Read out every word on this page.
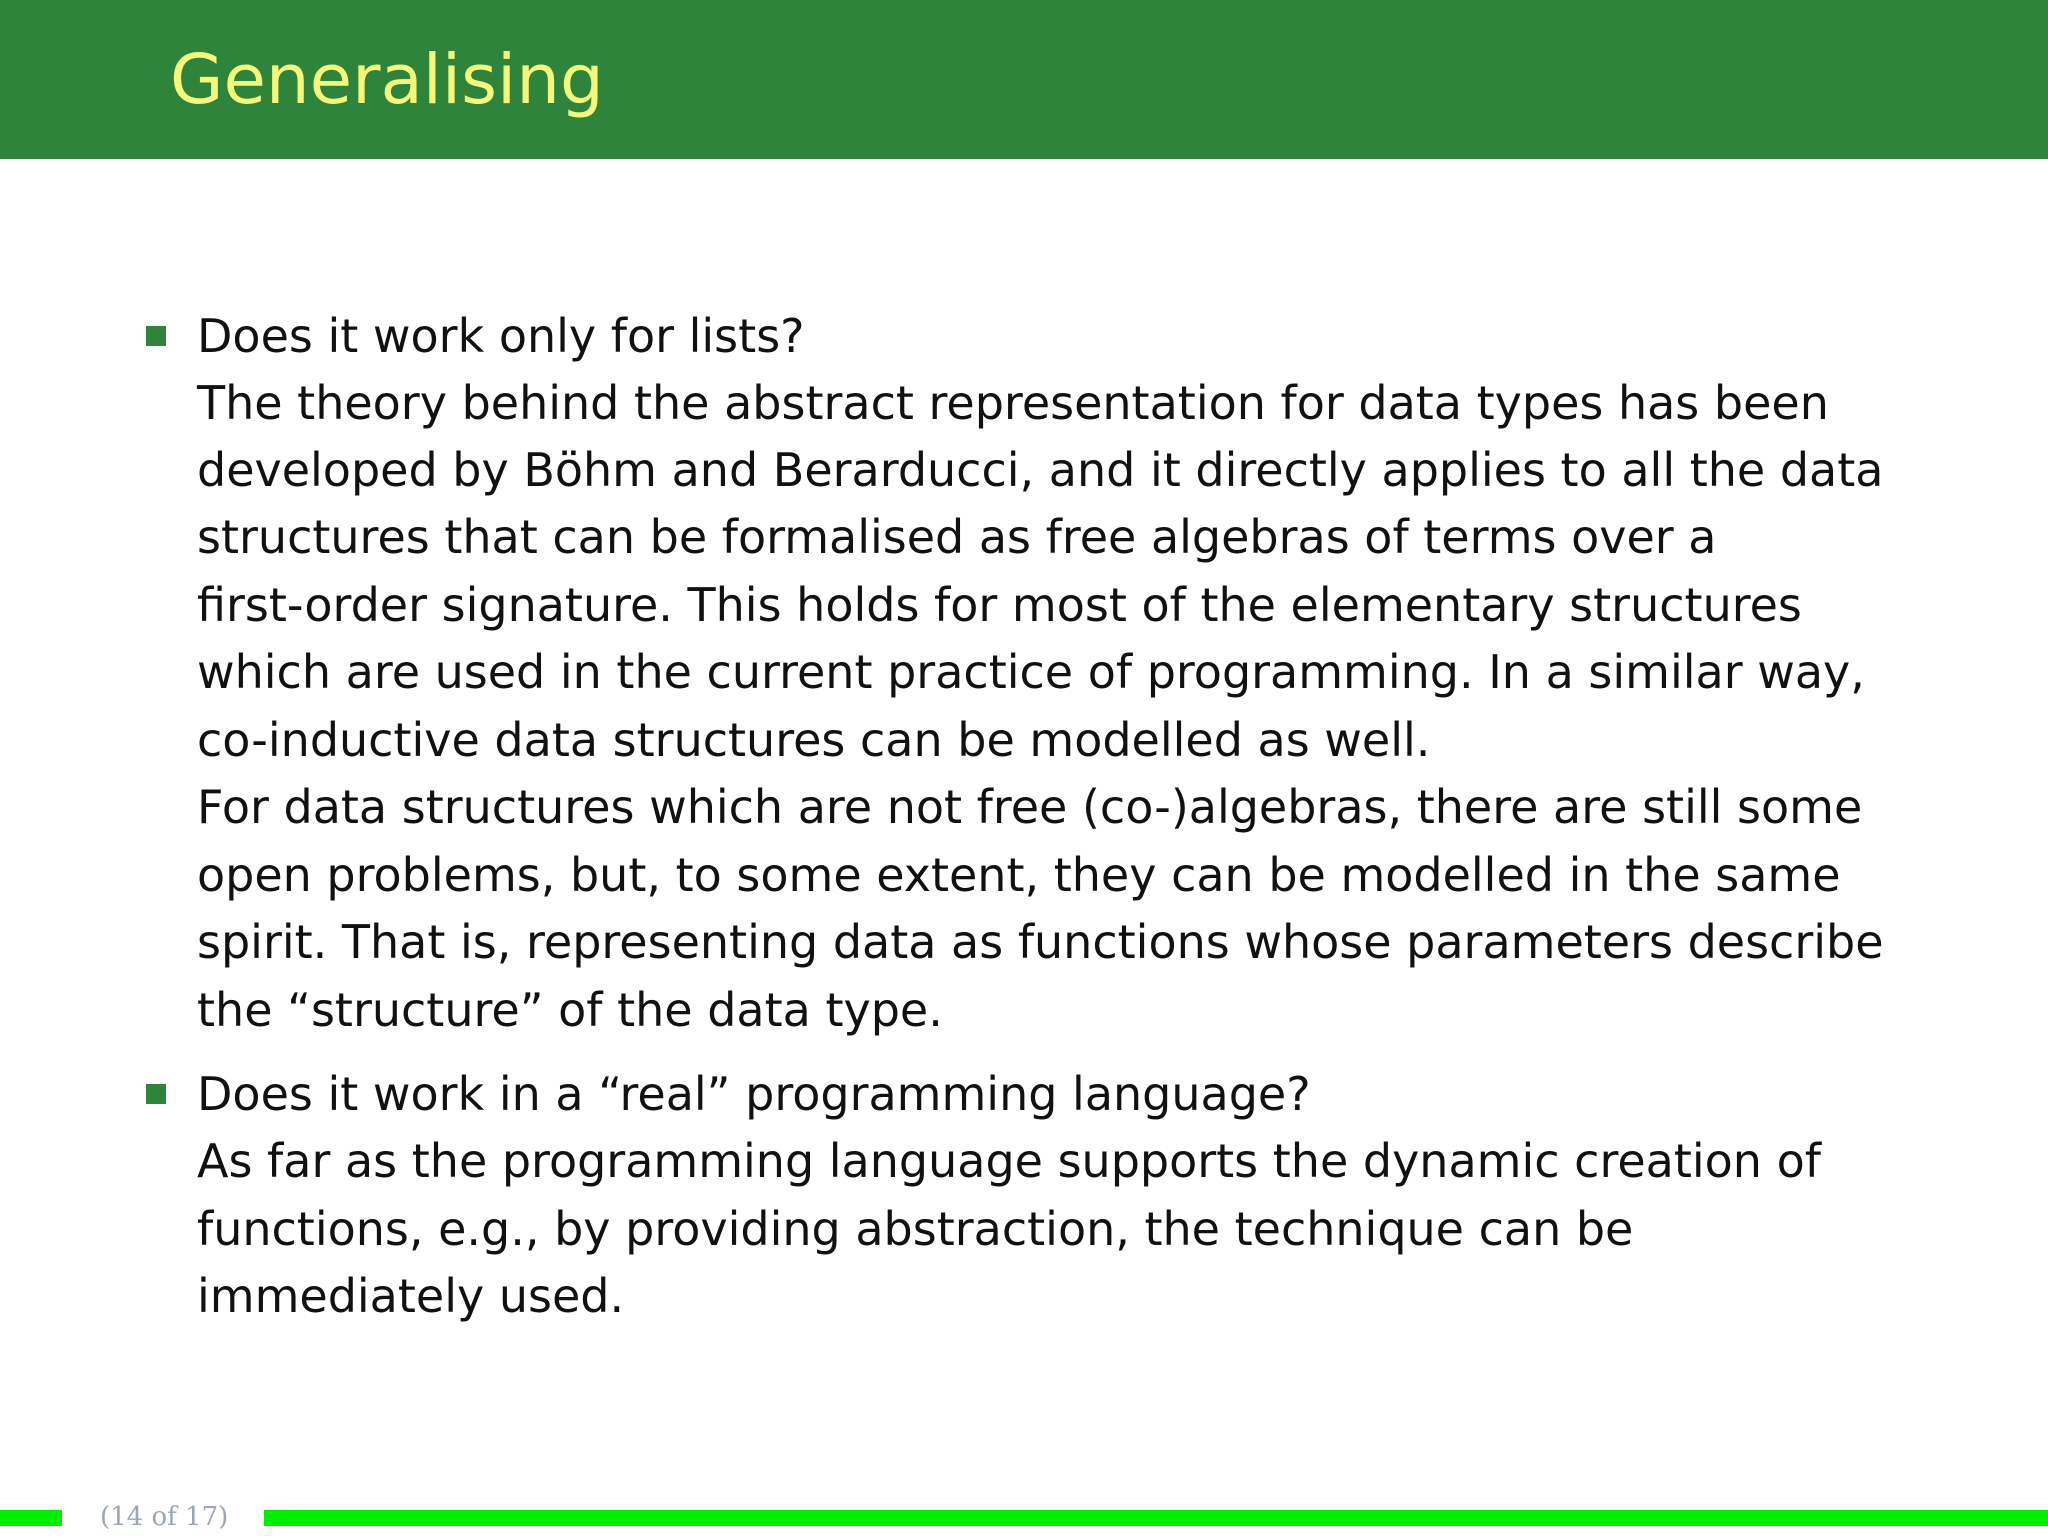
Generalising

Does it work only for lists?

The theory behind the abstract representation for data types has been

developed by Böhm and Berarducci, and it directly applies to all the data

structures that can be formalised as free algebras of terms over a

first-order signature. This holds for most of the elementary structures

which are used in the current practice of programming. In a similar way,

co-inductive data structures can be modelled as well.

For data structures which are not free (co-)algebras, there are still some

open problems, but, to some extent, they can be modelled in the same

spirit. That is, representing data as functions whose parameters describe

the “structure” of the data type.

Does it work in a “real” programming language?

As far as the programming language supports the dynamic creation of

functions, e.g., by providing abstraction, the technique can be

immediately used.

(14 of 17)
